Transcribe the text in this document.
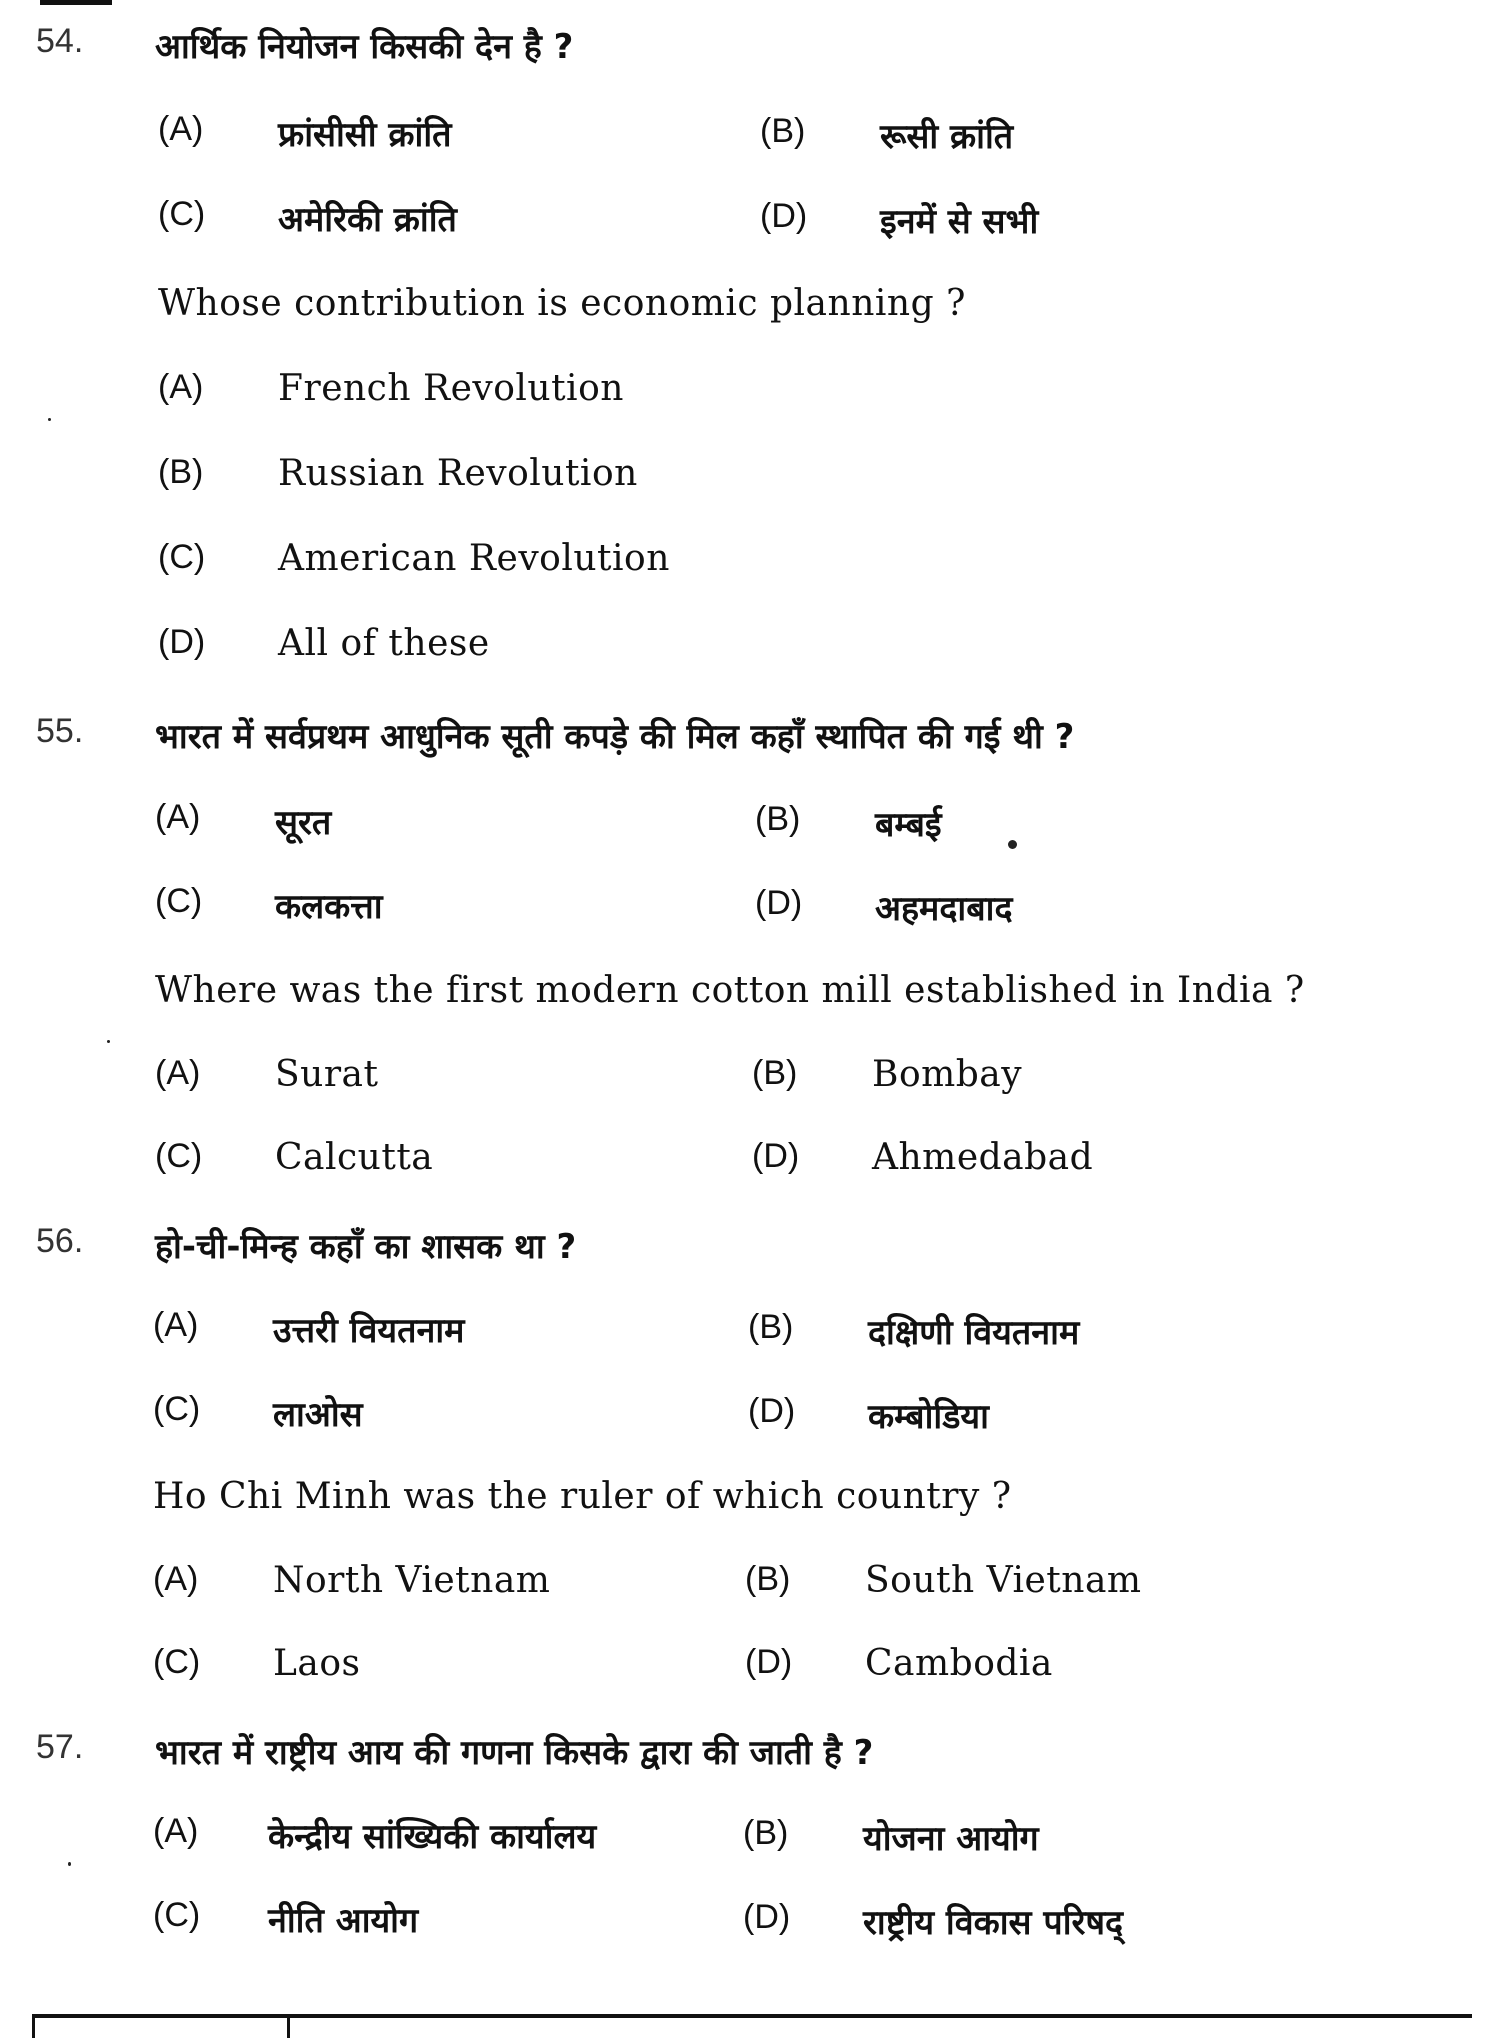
54. आर्थिक नियोजन किसकी देन है ?
(A) फ्रांसीसी क्रांति	(B) रूसी क्रांति
(C) अमेरिकी क्रांति	(D) इनमें से सभी
Whose contribution is economic planning ?
(A) French Revolution
(B) Russian Revolution
(C) American Revolution
(D) All of these
55. भारत में सर्वप्रथम आधुनिक सूती कपड़े की मिल कहाँ स्थापित की गई थी ?
(A) सूरत	(B) बम्बई
(C) कलकत्ता	(D) अहमदाबाद
Where was the first modern cotton mill established in India ?
(A) Surat	(B) Bombay
(C) Calcutta	(D) Ahmedabad
56. हो-ची-मिन्ह कहाँ का शासक था ?
(A) उत्तरी वियतनाम	(B) दक्षिणी वियतनाम
(C) लाओस	(D) कम्बोडिया
Ho Chi Minh was the ruler of which country ?
(A) North Vietnam	(B) South Vietnam
(C) Laos	(D) Cambodia
57. भारत में राष्ट्रीय आय की गणना किसके द्वारा की जाती है ?
(A) केन्द्रीय सांख्यिकी कार्यालय	(B) योजना आयोग
(C) नीति आयोग	(D) राष्ट्रीय विकास परिषद्
